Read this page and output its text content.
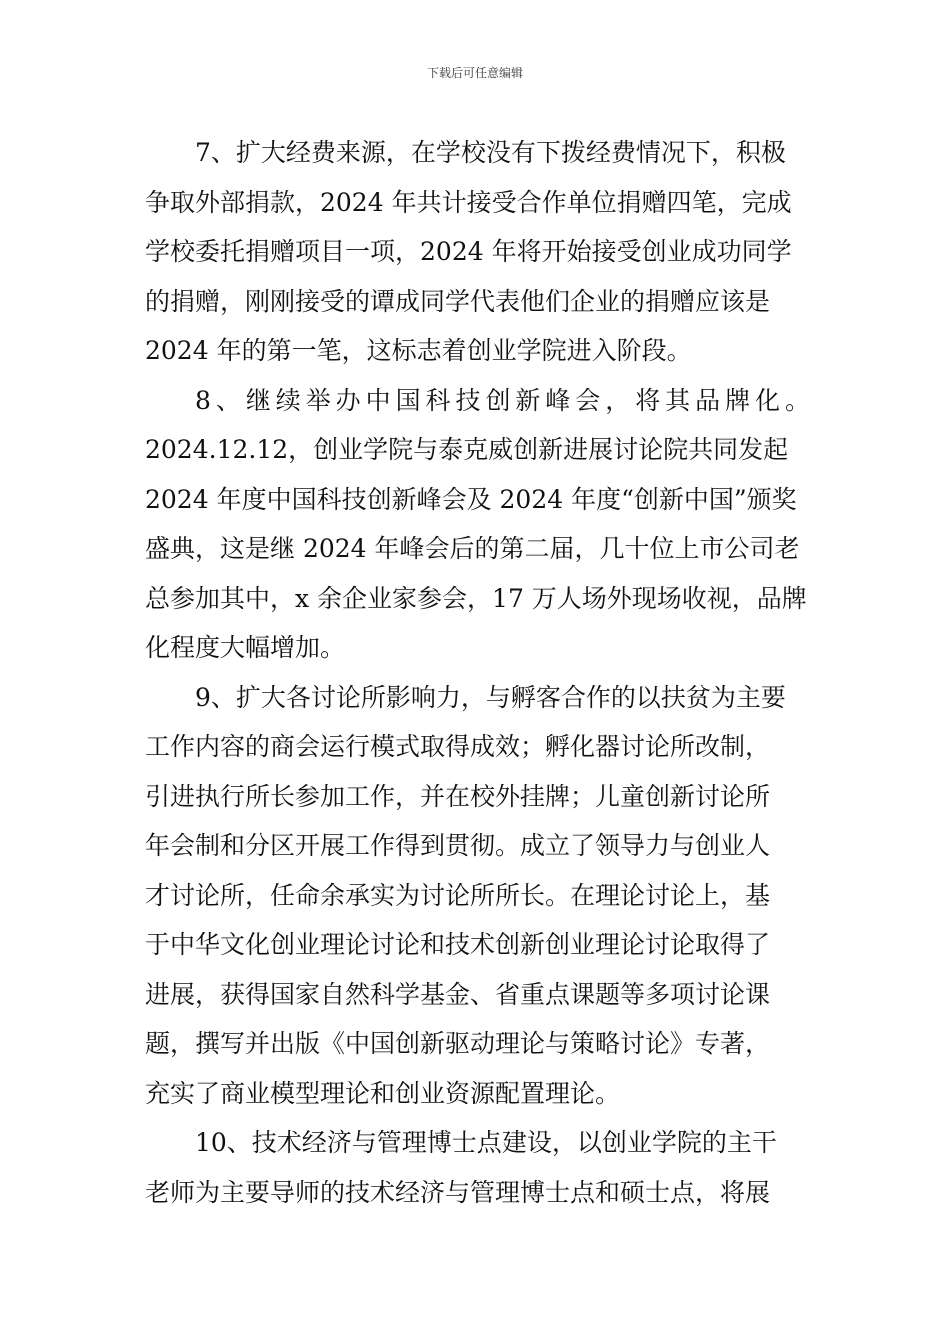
下载后可任意编辑
7、扩大经费来源，在学校没有下拨经费情况下，积极
争取外部捐款，2024 年共计接受合作单位捐赠四笔，完成
学校委托捐赠项目一项，2024 年将开始接受创业成功同学
的捐赠，刚刚接受的谭成同学代表他们企业的捐赠应该是
2024 年的第一笔，这标志着创业学院进入阶段。
8、继续举办中国科技创新峰会，将其品牌化。
2024.12.12，创业学院与泰克威创新进展讨论院共同发起
2024 年度中国科技创新峰会及 2024 年度“创新中国”颁奖
盛典，这是继 2024 年峰会后的第二届，几十位上市公司老
总参加其中，x 余企业家参会，17 万人场外现场收视，品牌
化程度大幅增加。
9、扩大各讨论所影响力，与孵客合作的以扶贫为主要
工作内容的商会运行模式取得成效；孵化器讨论所改制，
引进执行所长参加工作，并在校外挂牌；儿童创新讨论所
年会制和分区开展工作得到贯彻。成立了领导力与创业人
才讨论所，任命余承实为讨论所所长。在理论讨论上，基
于中华文化创业理论讨论和技术创新创业理论讨论取得了
进展，获得国家自然科学基金、省重点课题等多项讨论课
题，撰写并出版《中国创新驱动理论与策略讨论》专著，
充实了商业模型理论和创业资源配置理论。
10、技术经济与管理博士点建设，以创业学院的主干
老师为主要导师的技术经济与管理博士点和硕士点，将展
